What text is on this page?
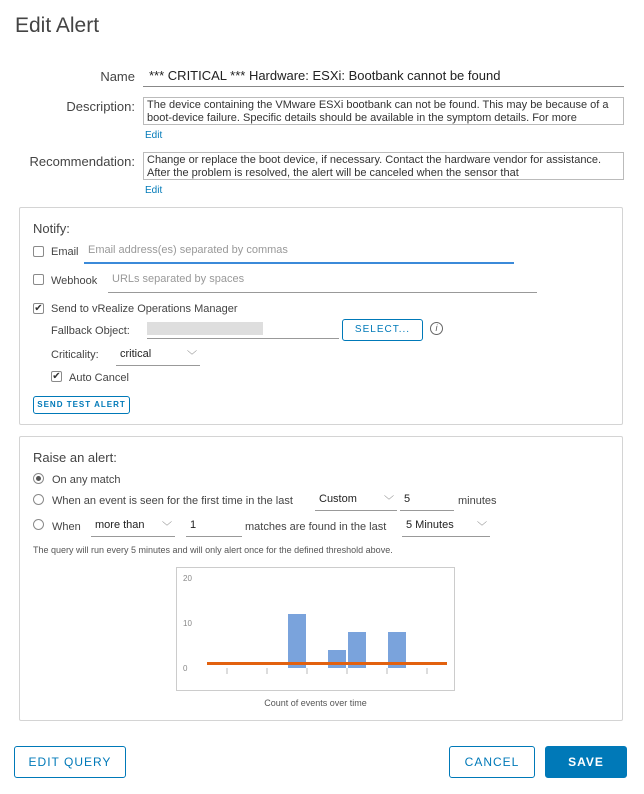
Edit Alert
Name	*** CRITICAL *** Hardware: ESXi: Bootbank cannot be found
Description:	The device containing the VMware ESXi bootbank can not be found. This may be because of a boot-device failure. Specific details should be available in the symptom details. For more
Edit
Recommendation:	Change or replace the boot device, if necessary. Contact the hardware vendor for assistance. After the problem is resolved, the alert will be canceled when the sensor that
Edit
Notify:
Email Email address(es) separated by commas
Webhook	URLs separated by spaces
✔ Send to vRealize Operations Manager
Fallback Object:	SELECT...	i
Criticality:	critical	﹀
✔ Auto Cancel
SEND TEST ALERT
Raise an alert:
On any match
When an event is seen for the first time in the last	Custom	﹀ 5	minutes
When	more than ﹀	1	matches are found in the last	5 Minutes ﹀
The query will run every 5 minutes and will only alert once for the defined threshold above.
20
10
0
Count of events over time
EDIT QUERY	CANCEL	SAVE
